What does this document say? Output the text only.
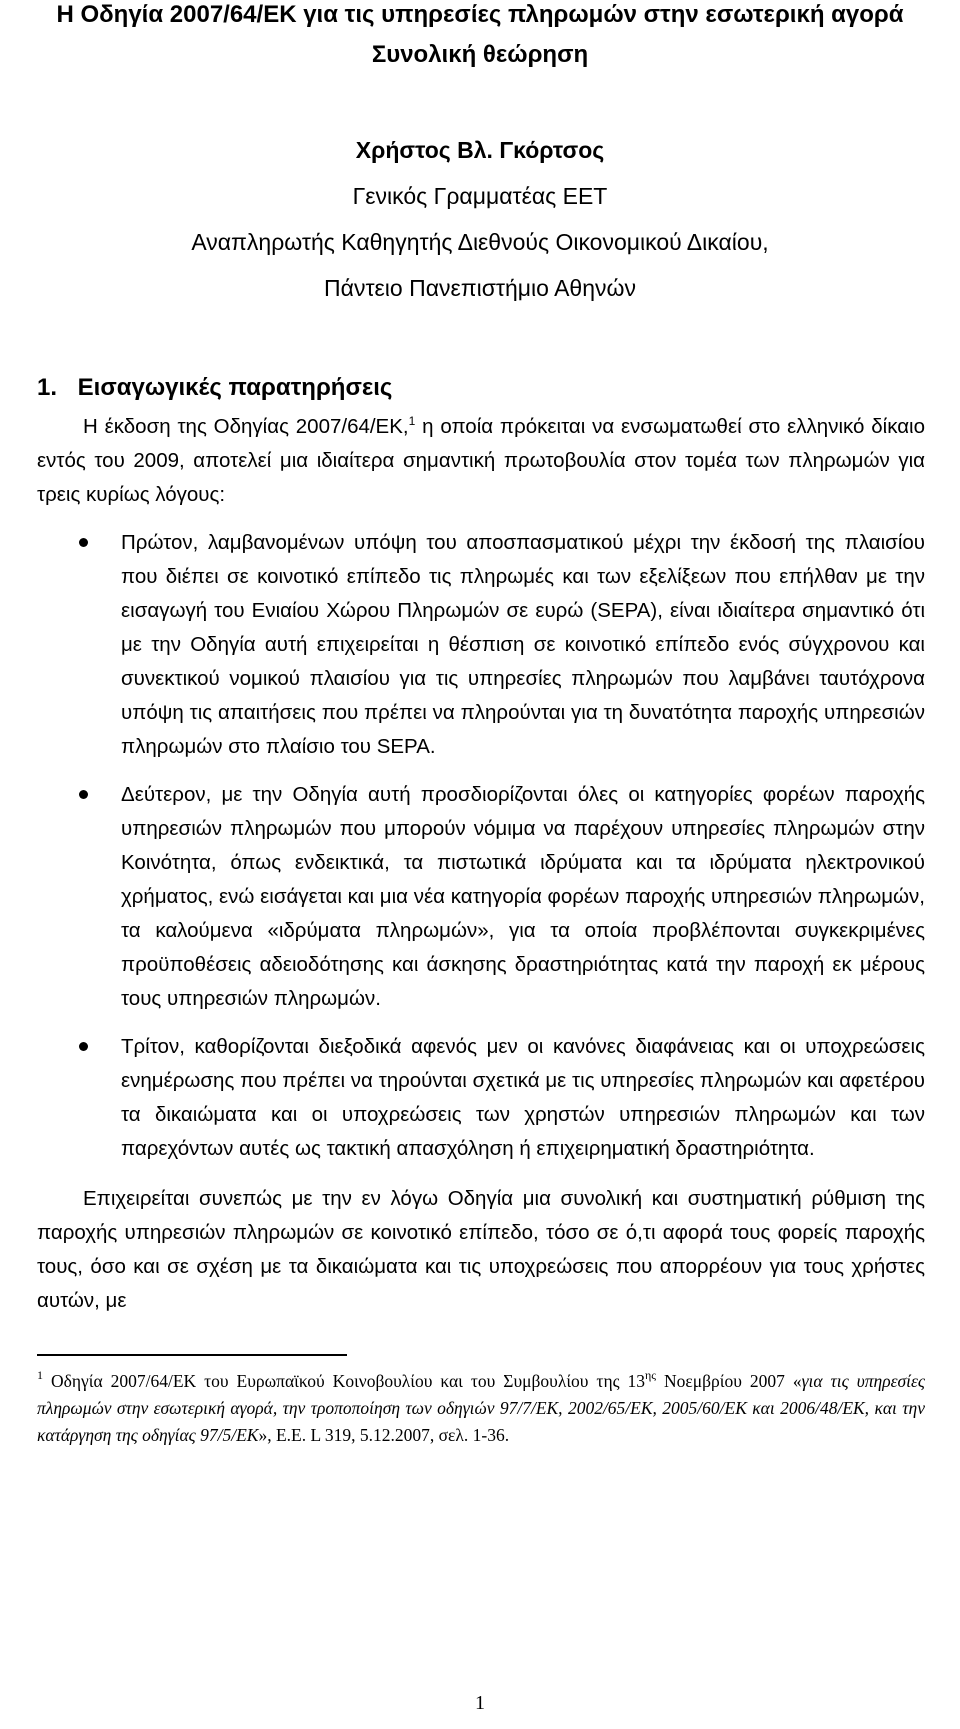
Η Οδηγία 2007/64/ΕΚ για τις υπηρεσίες πληρωμών στην εσωτερική αγορά
Συνολική θεώρηση
Χρήστος Βλ. Γκόρτσος
Γενικός Γραμματέας ΕΕΤ
Αναπληρωτής Καθηγητής Διεθνούς Οικονομικού Δικαίου,
Πάντειο Πανεπιστήμιο Αθηνών
1. Εισαγωγικές παρατηρήσεις
Η έκδοση της Οδηγίας 2007/64/ΕΚ,$^1$ η οποία πρόκειται να ενσωματωθεί στο ελληνικό δίκαιο εντός του 2009, αποτελεί μια ιδιαίτερα σημαντική πρωτοβουλία στον τομέα των πληρωμών για τρεις κυρίως λόγους:
Πρώτον, λαμβανομένων υπόψη του αποσπασματικού μέχρι την έκδοσή της πλαισίου που διέπει σε κοινοτικό επίπεδο τις πληρωμές και των εξελίξεων που επήλθαν με την εισαγωγή του Ενιαίου Χώρου Πληρωμών σε ευρώ (SEPA), είναι ιδιαίτερα σημαντικό ότι με την Οδηγία αυτή επιχειρείται η θέσπιση σε κοινοτικό επίπεδο ενός σύγχρονου και συνεκτικού νομικού πλαισίου για τις υπηρεσίες πληρωμών που λαμβάνει ταυτόχρονα υπόψη τις απαιτήσεις που πρέπει να πληρούνται για τη δυνατότητα παροχής υπηρεσιών πληρωμών στο πλαίσιο του SEPA.
Δεύτερον, με την Οδηγία αυτή προσδιορίζονται όλες οι κατηγορίες φορέων παροχής υπηρεσιών πληρωμών που μπορούν νόμιμα να παρέχουν υπηρεσίες πληρωμών στην Κοινότητα, όπως ενδεικτικά, τα πιστωτικά ιδρύματα και τα ιδρύματα ηλεκτρονικού χρήματος, ενώ εισάγεται και μια νέα κατηγορία φορέων παροχής υπηρεσιών πληρωμών, τα καλούμενα «ιδρύματα πληρωμών», για τα οποία προβλέπονται συγκεκριμένες προϋποθέσεις αδειοδότησης και άσκησης δραστηριότητας κατά την παροχή εκ μέρους τους υπηρεσιών πληρωμών.
Τρίτον, καθορίζονται διεξοδικά αφενός μεν οι κανόνες διαφάνειας και οι υποχρεώσεις ενημέρωσης που πρέπει να τηρούνται σχετικά με τις υπηρεσίες πληρωμών και αφετέρου τα δικαιώματα και οι υποχρεώσεις των χρηστών υπηρεσιών πληρωμών και των παρεχόντων αυτές ως τακτική απασχόληση ή επιχειρηματική δραστηριότητα.
Επιχειρείται συνεπώς με την εν λόγω Οδηγία μια συνολική και συστηματική ρύθμιση της παροχής υπηρεσιών πληρωμών σε κοινοτικό επίπεδο, τόσο σε ό,τι αφορά τους φορείς παροχής τους, όσο και σε σχέση με τα δικαιώματα και τις υποχρεώσεις που απορρέουν για τους χρήστες αυτών, με
$^1$ Οδηγία 2007/64/ΕΚ του Ευρωπαϊκού Κοινοβουλίου και του Συμβουλίου της $13^{\eta\varsigma}$ Νοεμβρίου 2007 «για τις υπηρεσίες πληρωμών στην εσωτερική αγορά, την τροποποίηση των οδηγιών 97/7/ΕΚ, 2002/65/ΕΚ, 2005/60/ΕΚ και 2006/48/ΕΚ, και την κατάργηση της οδηγίας 97/5/ΕΚ», Ε.Ε. L 319, 5.12.2007, σελ. 1-36.
1
